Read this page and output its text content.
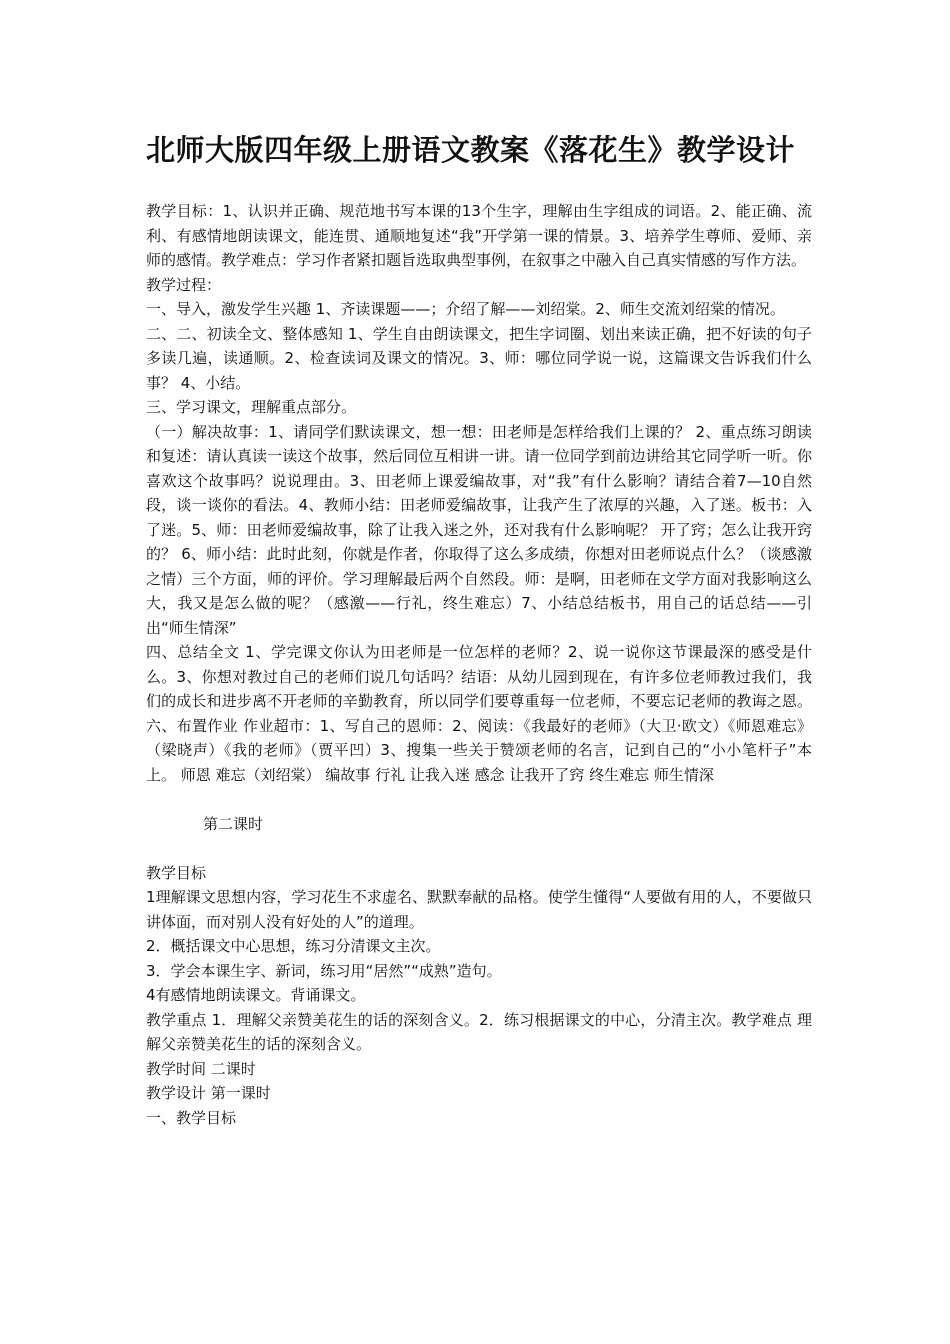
北师大版四年级上册语文教案《落花生》教学设计

教学目标：1、认识并正确、规范地书写本课的13个生字，理解由生字组成的词语。2、能正确、流利、有感情地朗读课文，能连贯、通顺地复述“我”开学第一课的情景。3、培养学生尊师、爱师、亲师的感情。教学难点：学习作者紧扣题旨选取典型事例，在叙事之中融入自己真实情感的写作方法。

教学过程：

一、导入，激发学生兴趣 1、齐读课题——；介绍了解——刘绍棠。2、师生交流刘绍棠的情况。

二、二、初读全文、整体感知 1、学生自由朗读课文，把生字词圈、划出来读正确，把不好读的句子多读几遍，读通顺。2、检查读词及课文的情况。3、师：哪位同学说一说，这篇课文告诉我们什么事？ 4、小结。

三、学习课文，理解重点部分。

（一）解决故事：1、请同学们默读课文，想一想：田老师是怎样给我们上课的？ 2、重点练习朗读和复述：请认真读一读这个故事，然后同位互相讲一讲。请一位同学到前边讲给其它同学听一听。你喜欢这个故事吗？说说理由。3、田老师上课爱编故事，对“我”有什么影响？请结合着7—10自然段，谈一谈你的看法。4、教师小结：田老师爱编故事，让我产生了浓厚的兴趣，入了迷。板书：入了迷。5、师：田老师爱编故事，除了让我入迷之外，还对我有什么影响呢？ 开了窍；怎么让我开窍的？ 6、师小结：此时此刻，你就是作者，你取得了这么多成绩，你想对田老师说点什么？（谈感激之情）三个方面，师的评价。学习理解最后两个自然段。师：是啊，田老师在文学方面对我影响这么大，我又是怎么做的呢？（感激——行礼，终生难忘）7、小结总结板书，用自己的话总结——引出“师生情深”

四、总结全文 1、学完课文你认为田老师是一位怎样的老师？2、说一说你这节课最深的感受是什么。3、你想对教过自己的老师们说几句话吗？结语：从幼儿园到现在，有许多位老师教过我们，我们的成长和进步离不开老师的辛勤教育，所以同学们要尊重每一位老师，不要忘记老师的教诲之恩。六、布置作业 作业超市：1、写自己的恩师：2、阅读：《我最好的老师》（大卫·欧文）《师恩难忘》（梁晓声）《我的老师》（贾平凹）3、搜集一些关于赞颂老师的名言，记到自己的“小小笔杆子”本上。 师恩 难忘（刘绍棠） 编故事 行礼 让我入迷 感念 让我开了窍 终生难忘 师生情深

第二课时

教学目标

1理解课文思想内容，学习花生不求虚名、默默奉献的品格。使学生懂得“人要做有用的人，不要做只讲体面，而对别人没有好处的人”的道理。

2．概括课文中心思想，练习分清课文主次。

3．学会本课生字、新词，练习用“居然”“成熟”造句。

4有感情地朗读课文。背诵课文。

教学重点 1．理解父亲赞美花生的话的深刻含义。2．练习根据课文的中心，分清主次。教学难点 理解父亲赞美花生的话的深刻含义。

教学时间 二课时

教学设计 第一课时

一、教学目标
